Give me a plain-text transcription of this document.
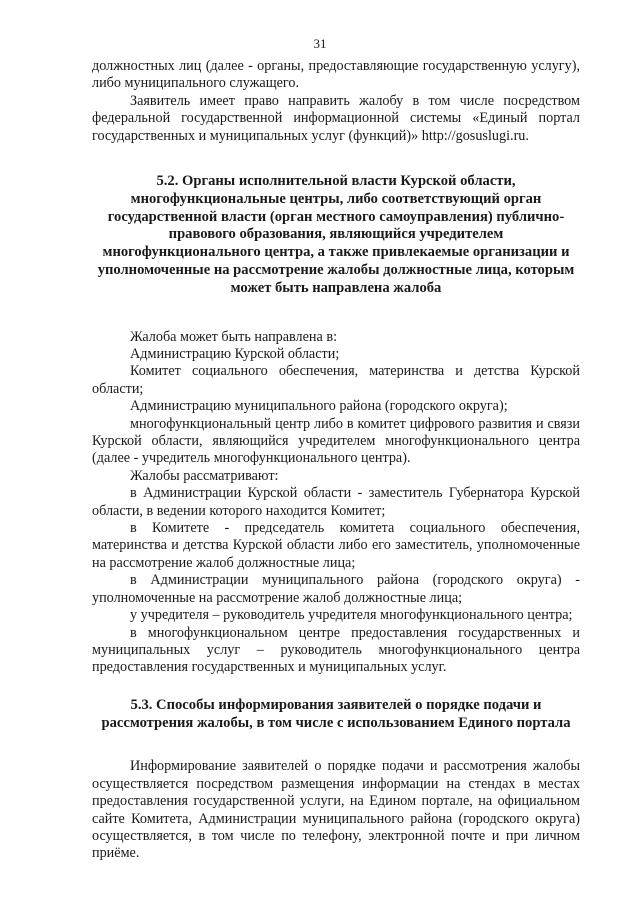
31

должностных лиц (далее - органы, предоставляющие государственную услугу), либо муниципального служащего.

Заявитель имеет право направить жалобу в том числе посредством федеральной государственной информационной системы «Единый портал государственных и муниципальных услуг (функций)» http://gosuslugi.ru.

5.2. Органы исполнительной власти Курской области, многофункциональные центры, либо соответствующий орган государственной власти (орган местного самоуправления) публично-правового образования, являющийся учредителем многофункционального центра, а также привлекаемые организации и уполномоченные на рассмотрение жалобы должностные лица, которым может быть направлена жалоба

Жалоба может быть направлена в:

Администрацию Курской области;

Комитет социального обеспечения, материнства и детства Курской области;

Администрацию муниципального района (городского округа);

многофункциональный центр либо в комитет цифрового развития и связи Курской области, являющийся учредителем многофункционального центра (далее - учредитель многофункционального центра).

Жалобы рассматривают:

в Администрации Курской области - заместитель Губернатора Курской области, в ведении которого находится Комитет;

в Комитете - председатель комитета социального обеспечения, материнства и детства Курской области либо его заместитель, уполномоченные на рассмотрение жалоб должностные лица;

в Администрации муниципального района (городского округа) - уполномоченные на рассмотрение жалоб должностные лица;

у учредителя – руководитель учредителя многофункционального центра;

в многофункциональном центре предоставления государственных и муниципальных услуг – руководитель многофункционального центра предоставления государственных и муниципальных услуг.

5.3. Способы информирования заявителей о порядке подачи и рассмотрения жалобы, в том числе с использованием Единого портала

Информирование заявителей о порядке подачи и рассмотрения жалобы осуществляется посредством размещения информации на стендах в местах предоставления государственной услуги, на Едином портале, на официальном сайте Комитета, Администрации муниципального района (городского округа) осуществляется, в том числе по телефону, электронной почте и при личном приёме.
